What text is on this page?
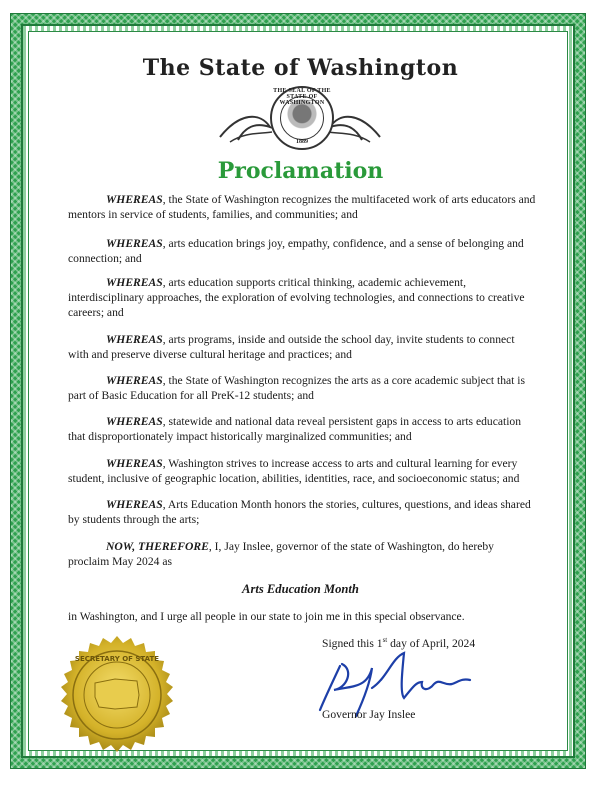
The State of Washington
THE SEAL OF THE STATE OF WASHINGTON
1889
Proclamation

WHEREAS, the State of Washington recognizes the multifaceted work of arts educators and mentors in service of students, families, and communities; and

WHEREAS, arts education brings joy, empathy, confidence, and a sense of belonging and connection; and

WHEREAS, arts education supports critical thinking, academic achievement, interdisciplinary approaches, the exploration of evolving technologies, and connections to creative careers; and

WHEREAS, arts programs, inside and outside the school day, invite students to connect with and preserve diverse cultural heritage and practices; and

WHEREAS, the State of Washington recognizes the arts as a core academic subject that is part of Basic Education for all PreK-12 students; and

WHEREAS, statewide and national data reveal persistent gaps in access to arts education that disproportionately impact historically marginalized communities; and

WHEREAS, Washington strives to increase access to arts and cultural learning for every student, inclusive of geographic location, abilities, identities, race, and socioeconomic status; and

WHEREAS, Arts Education Month honors the stories, cultures, questions, and ideas shared by students through the arts;

NOW, THEREFORE, I, Jay Inslee, governor of the state of Washington, do hereby proclaim May 2024 as

Arts Education Month
in Washington, and I urge all people in our state to join me in this special observance.
Signed this 1st day of April, 2024
Governor Jay Inslee
SECRETARY OF STATE
